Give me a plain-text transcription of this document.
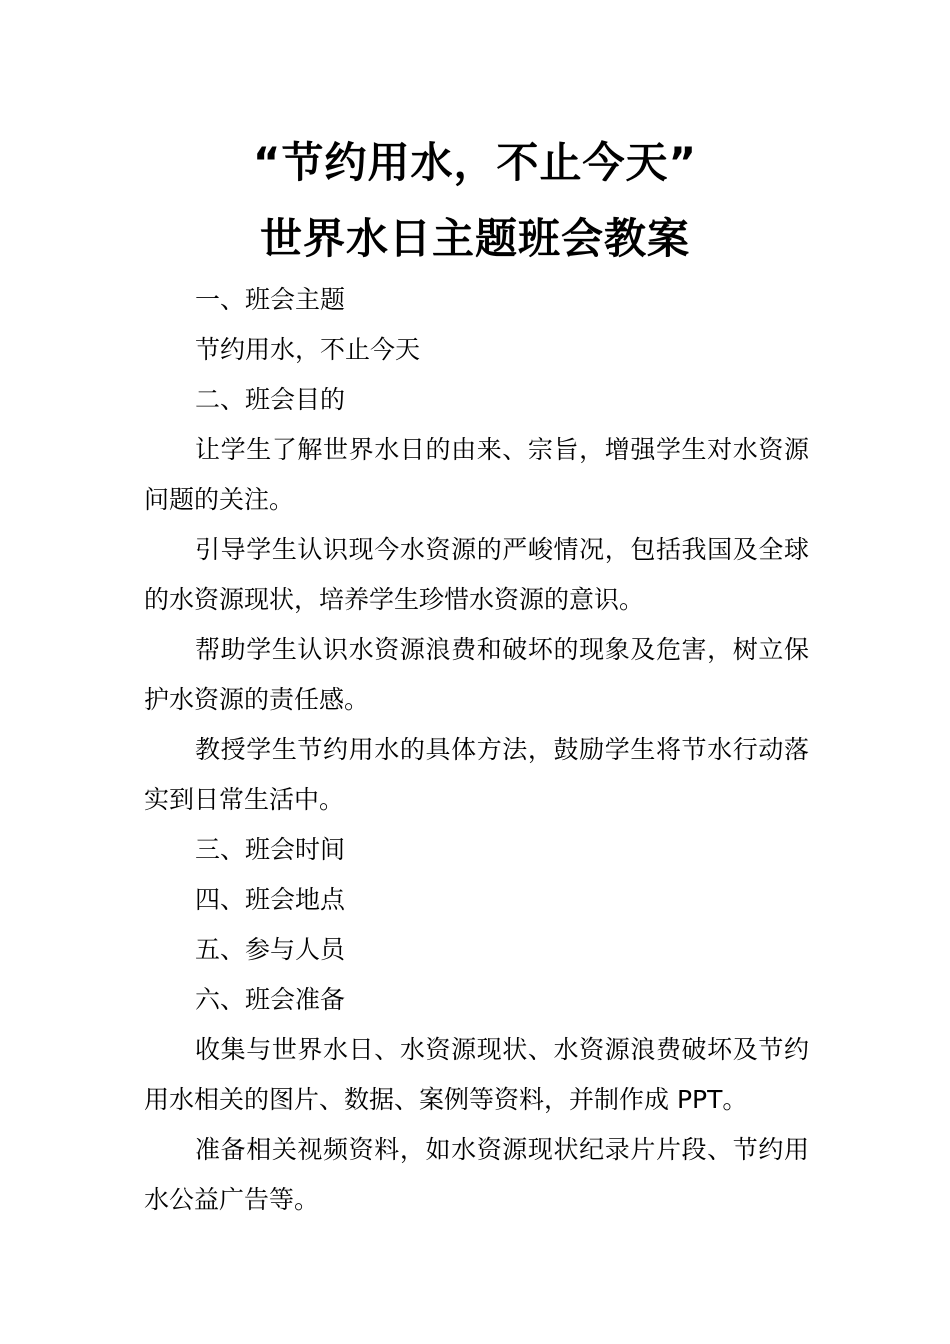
“节约用水，不止今天”
世界水日主题班会教案

一、班会主题

节约用水，不止今天

二、班会目的

让学生了解世界水日的由来、宗旨，增强学生对水资源问题的关注。

引导学生认识现今水资源的严峻情况，包括我国及全球的水资源现状，培养学生珍惜水资源的意识。

帮助学生认识水资源浪费和破坏的现象及危害，树立保护水资源的责任感。

教授学生节约用水的具体方法，鼓励学生将节水行动落实到日常生活中。

三、班会时间

四、班会地点

五、参与人员

六、班会准备

收集与世界水日、水资源现状、水资源浪费破坏及节约用水相关的图片、数据、案例等资料，并制作成 PPT。

准备相关视频资料，如水资源现状纪录片片段、节约用水公益广告等。
